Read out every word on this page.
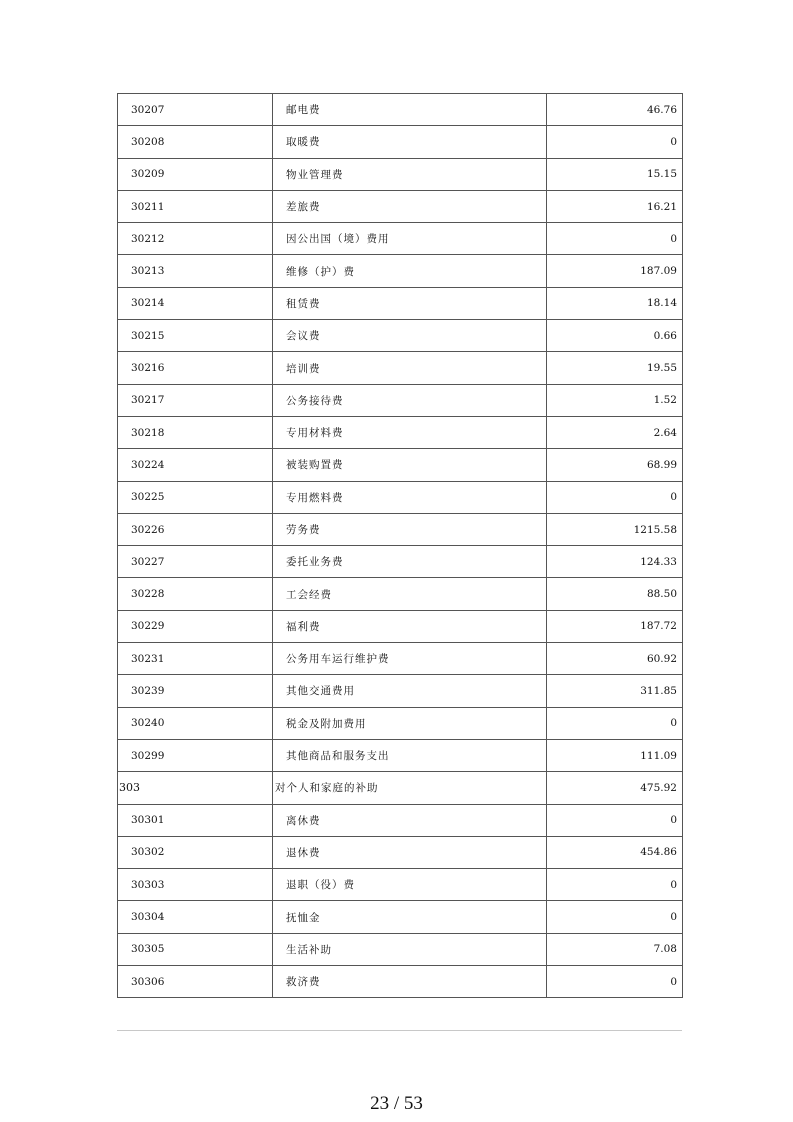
30207	邮电费	46.76
30208	取暖费	0
30209	物业管理费	15.15
30211	差旅费	16.21
30212	因公出国（境）费用	0
30213	维修（护）费	187.09
30214	租赁费	18.14
30215	会议费	0.66
30216	培训费	19.55
30217	公务接待费	1.52
30218	专用材料费	2.64
30224	被装购置费	68.99
30225	专用燃料费	0
30226	劳务费	1215.58
30227	委托业务费	124.33
30228	工会经费	88.50
30229	福利费	187.72
30231	公务用车运行维护费	60.92
30239	其他交通费用	311.85
30240	税金及附加费用	0
30299	其他商品和服务支出	111.09
303	对个人和家庭的补助	475.92
30301	离休费	0
30302	退休费	454.86
30303	退职（役）费	0
30304	抚恤金	0
30305	生活补助	7.08
30306	救济费	0
23 / 53
